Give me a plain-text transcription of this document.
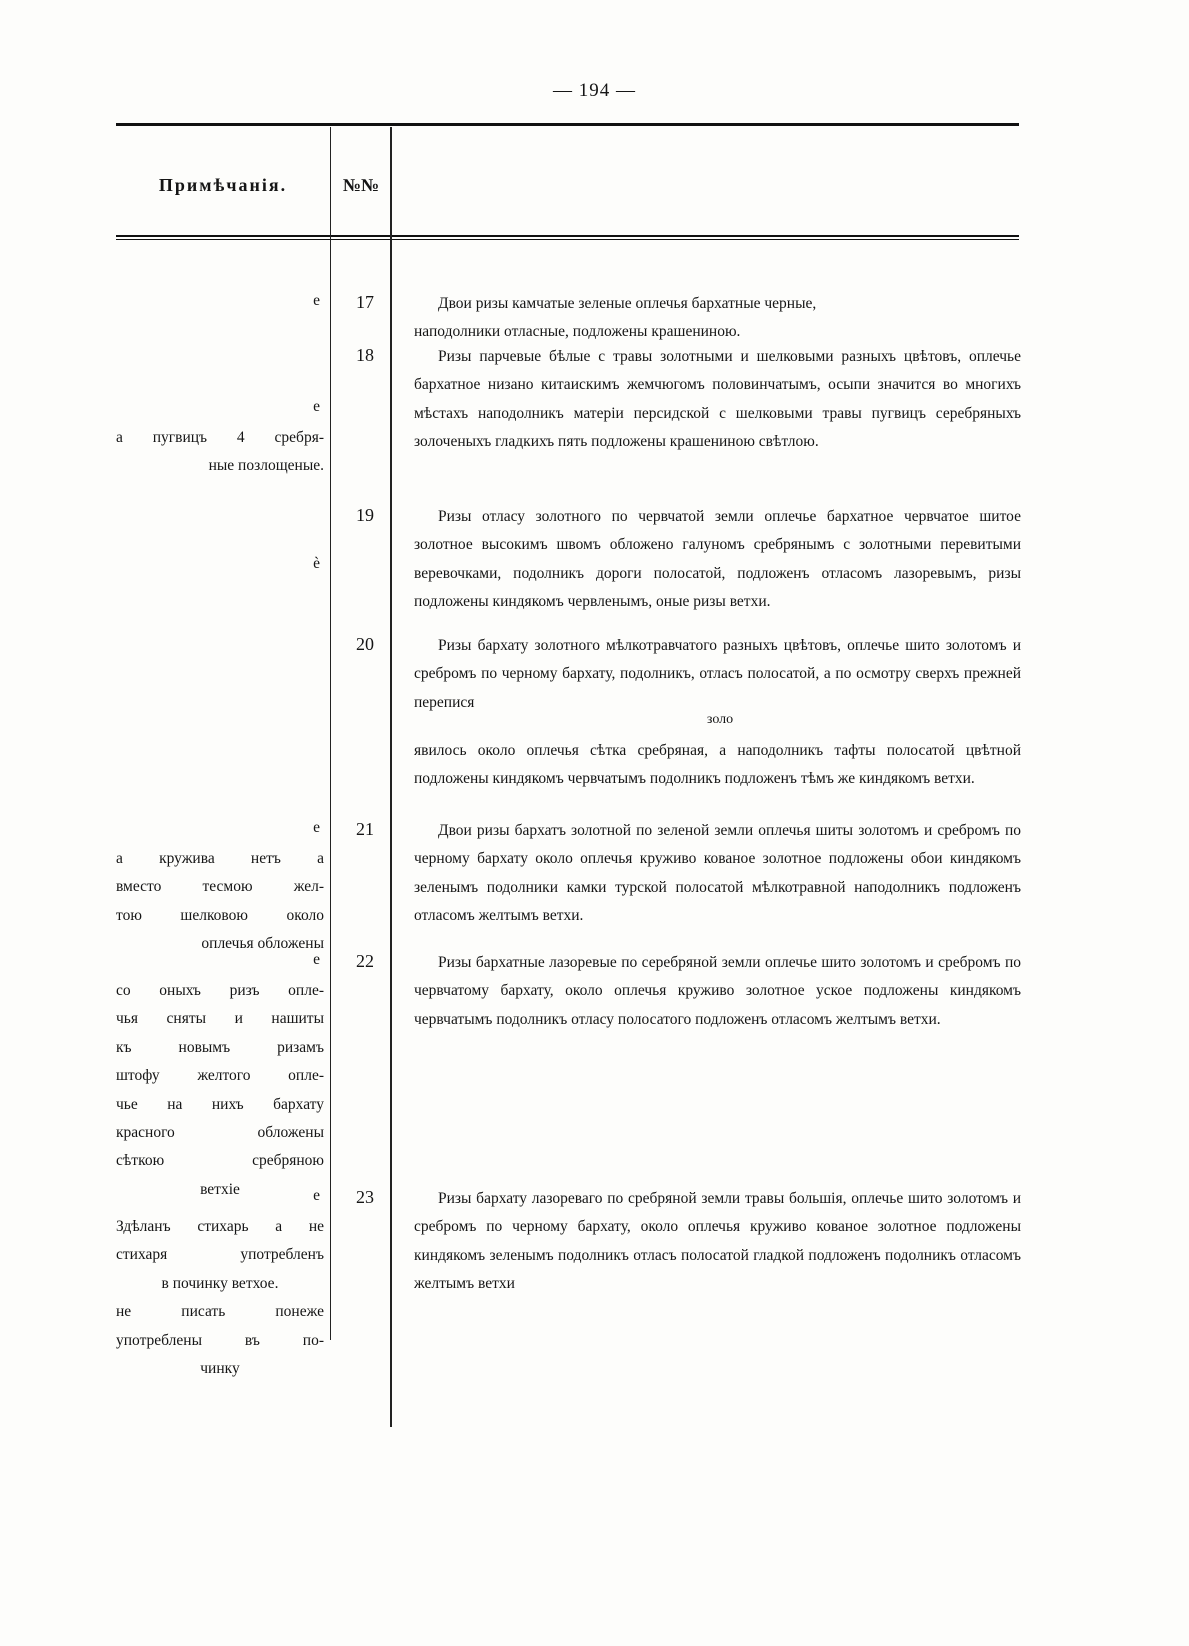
— 194 —
Примѣчанія.	№№
17
18
19
20
21
22
23
Двои ризы камчатые зеленые оплечья бархатные черные,
наподолники отласные, подложены крашениною.
Ризы парчевые бѣлые с травы золотными и шелковыми разныхъ цвѣтовъ, оплечье бархатное низано китаискимъ жемчюгомъ половинчатымъ, осыпи значится во многихъ мѣстахъ наподолникъ матеріи персидской с шелковыми травы пугвицъ серебряныхъ золоченыхъ гладкихъ пять подложены крашениною свѣтлою.
Ризы отласу золотного по червчатой земли оплечье бархатное червчатое шитое золотное высокимъ швомъ обложено галуномъ сребрянымъ с золотными перевитыми веревочками, подолникъ дороги полосатой, подложенъ отласомъ лазоревымъ, ризы подложены киндякомъ червленымъ, оные ризы ветхи.
Ризы бархату золотного мѣлкотравчатого разныхъ цвѣтовъ, оплечье шито золотомъ и сребромъ по черному бархату, подолникъ, отласъ полосатой, а по осмотру сверхъ прежней перепися
золо
явилось около оплечья сѣтка сребряная, а наподолникъ тафты полосатой цвѣтной подложены киндякомъ червчатымъ подолникъ подложенъ тѣмъ же киндякомъ ветхи.
Двои ризы бархатъ золотной по зеленой земли оплечья шиты золотомъ и сребромъ по черному бархату около оплечья круживо кованое золотное подложены обои киндякомъ зеленымъ подолники камки турской полосатой мѣлкотравной наподолникъ подложенъ отласомъ желтымъ ветхи.
Ризы бархатные лазоревые по серебряной земли оплечье шито золотомъ и сребромъ по червчатому бархату, около оплечья круживо золотное уское подложены киндякомъ червчатымъ подолникъ отласу полосатого подложенъ отласомъ желтымъ ветхи.
Ризы бархату лазореваго по сребряной земли травы большія, оплечье шито золотомъ и сребромъ по черному бархату, около оплечья круживо кованое золотное подложены киндякомъ зеленымъ подолникъ отласъ полосатой гладкой подложенъ подолникъ отласомъ желтымъ ветхи
е
е
ѐ
е
е
е
а пугвицъ 4 сребря-
ные позлощеные.
а кружива нетъ а
вместо тесмою жел-
тою шелковою около
оплечья обложены
со оныхъ ризъ опле-
чья сняты и нашиты
къ новымъ ризамъ
штофу желтого опле-
чье на нихъ бархату
красного обложены
сѣткою сребряною
ветхіе
Здѣланъ стихарь а не
стихаря употребленъ
в починку ветхое.
не писать понеже
употреблены въ по-
чинку
